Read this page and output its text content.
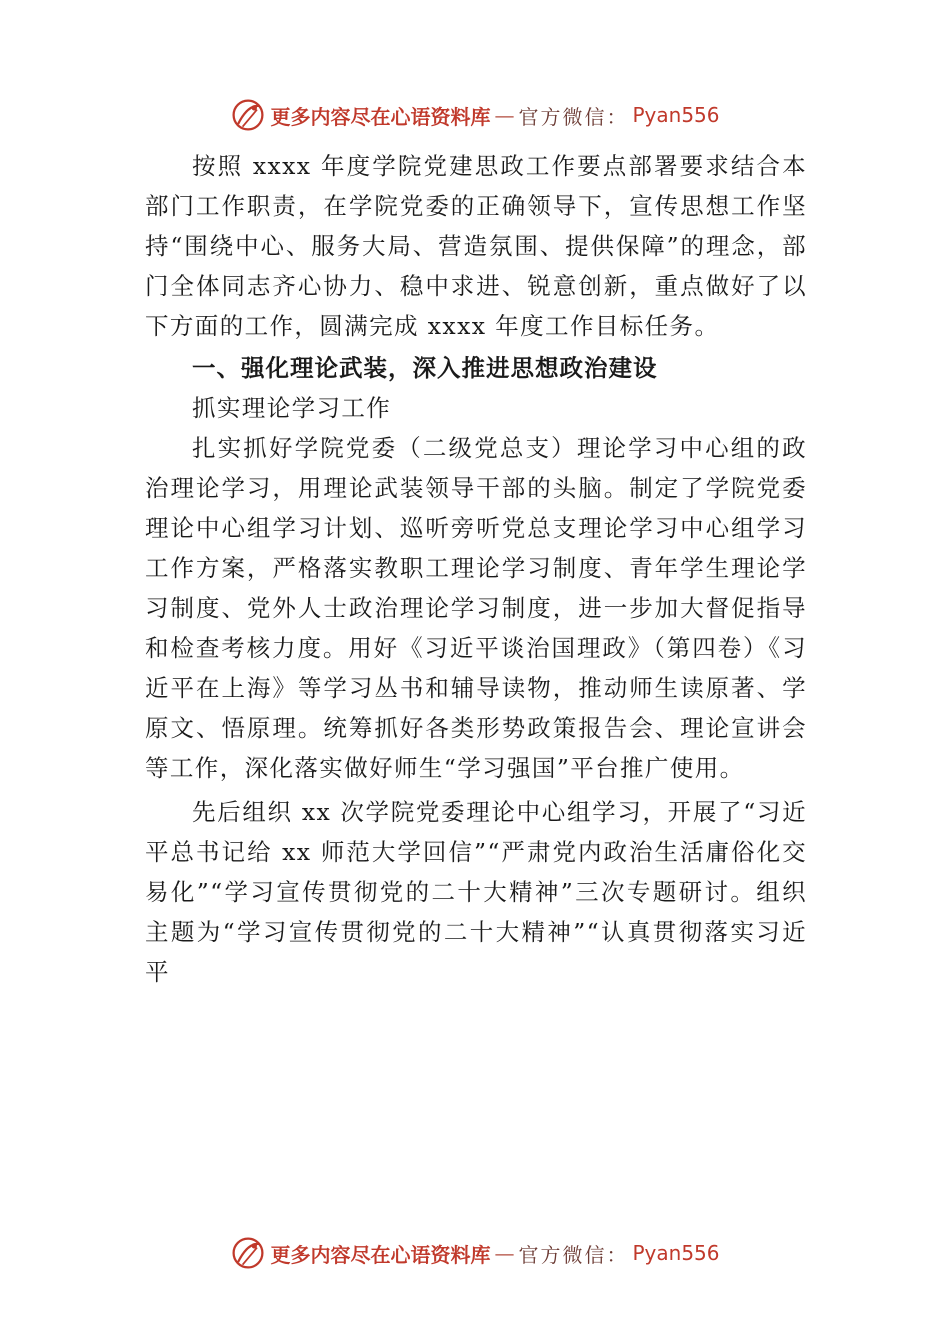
更多内容尽在心语资料库 — 官方微信： Pyan556

按照 xxxx 年度学院党建思政工作要点部署要求结合本部门工作职责，在学院党委的正确领导下，宣传思想工作坚持“围绕中心、服务大局、营造氛围、提供保障”的理念，部门全体同志齐心协力、稳中求进、锐意创新，重点做好了以下方面的工作，圆满完成 xxxx 年度工作目标任务。

一、强化理论武装，深入推进思想政治建设

抓实理论学习工作

扎实抓好学院党委（二级党总支）理论学习中心组的政治理论学习，用理论武装领导干部的头脑。制定了学院党委理论中心组学习计划、巡听旁听党总支理论学习中心组学习工作方案，严格落实教职工理论学习制度、青年学生理论学习制度、党外人士政治理论学习制度，进一步加大督促指导和检查考核力度。用好《习近平谈治国理政》（第四卷）《习近平在上海》等学习丛书和辅导读物，推动师生读原著、学原文、悟原理。统筹抓好各类形势政策报告会、理论宣讲会等工作，深化落实做好师生“学习强国”平台推广使用。

先后组织 xx 次学院党委理论中心组学习，开展了“习近平总书记给 xx 师范大学回信”“严肃党内政治生活庸俗化交易化”“学习宣传贯彻党的二十大精神”三次专题研讨。组织主题为“学习宣传贯彻党的二十大精神”“认真贯彻落实习近平

更多内容尽在心语资料库 — 官方微信： Pyan556
